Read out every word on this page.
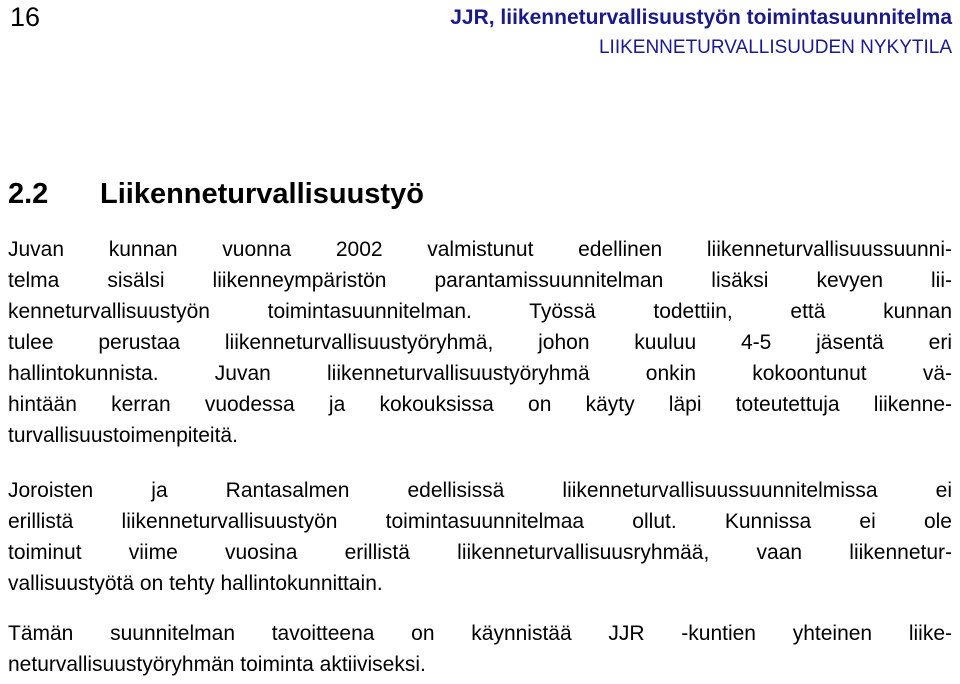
16	JJR, liikenneturvallisuustyön toimintasuunnitelma
LIIKENNETURVALLISUUDEN NYKYTILA
2.2 Liikenneturvallisuustyö
Juvan kunnan vuonna 2002 valmistunut edellinen liikenneturvallisuussuunni-
telma sisälsi liikenneympäristön parantamissuunnitelman lisäksi kevyen lii-
kenneturvallisuustyön toimintasuunnitelman. Työssä todettiin, että kunnan
tulee perustaa liikenneturvallisuustyöryhmä, johon kuuluu 4-5 jäsentä eri
hallintokunnista. Juvan liikenneturvallisuustyöryhmä onkin kokoontunut vä-
hintään kerran vuodessa ja kokouksissa on käyty läpi toteutettuja liikenne-
turvallisuustoimenpiteitä.
Joroisten ja Rantasalmen edellisissä liikenneturvallisuussuunnitelmissa ei
erillistä liikenneturvallisuustyön toimintasuunnitelmaa ollut. Kunnissa ei ole
toiminut viime vuosina erillistä liikenneturvallisuusryhmää, vaan liikennetur-
vallisuustyötä on tehty hallintokunnittain.
Tämän suunnitelman tavoitteena on käynnistää JJR -kuntien yhteinen liike-
neturvallisuustyöryhmän toiminta aktiiviseksi.
